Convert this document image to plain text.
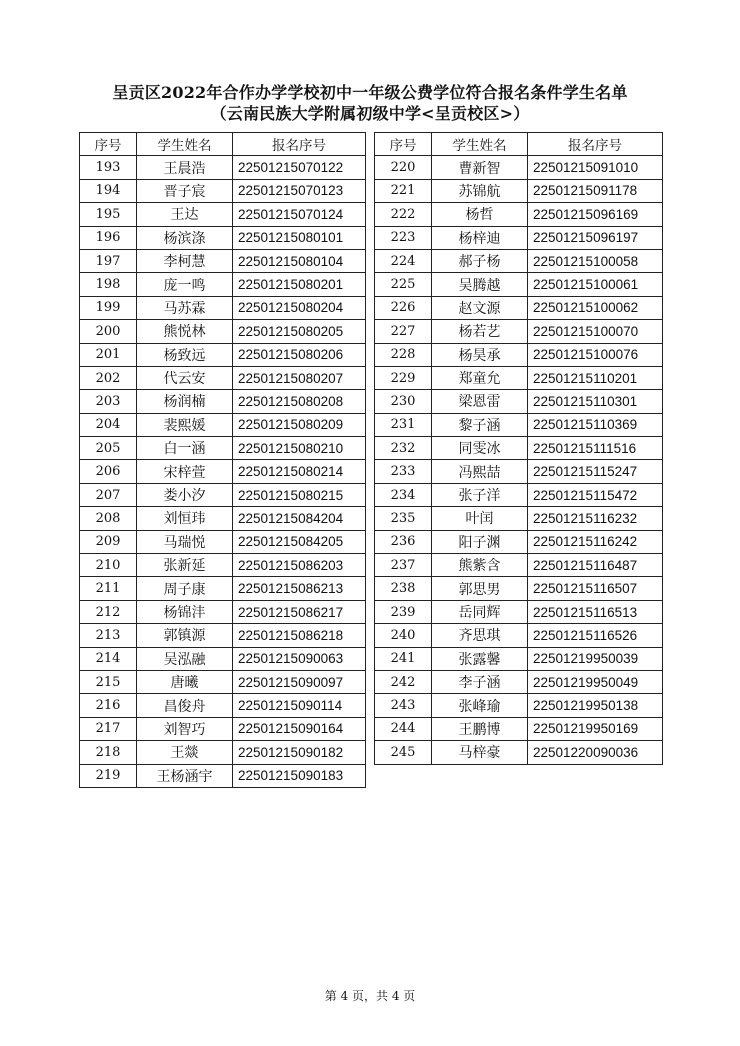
呈贡区2022年合作办学学校初中一年级公费学位符合报名条件学生名单
（云南民族大学附属初级中学<呈贡校区>）
序号	学生姓名	报名序号
193	王晨浩	22501215070122
194	晋子宸	22501215070123
195	王达	22501215070124
196	杨滨涤	22501215080101
197	李柯慧	22501215080104
198	庞一鸣	22501215080201
199	马苏霖	22501215080204
200	熊悦林	22501215080205
201	杨致远	22501215080206
202	代云安	22501215080207
203	杨润楠	22501215080208
204	裴熙媛	22501215080209
205	白一涵	22501215080210
206	宋梓萱	22501215080214
207	娄小汐	22501215080215
208	刘恒玮	22501215084204
209	马瑞悦	22501215084205
210	张新延	22501215086203
211	周子康	22501215086213
212	杨锦沣	22501215086217
213	郭镇源	22501215086218
214	吴泓融	22501215090063
215	唐曦	22501215090097
216	昌俊舟	22501215090114
217	刘智巧	22501215090164
218	王燚	22501215090182
219	王杨涵宇	22501215090183
序号	学生姓名	报名序号
220	曹新智	22501215091010
221	苏锦航	22501215091178
222	杨哲	22501215096169
223	杨梓迪	22501215096197
224	郝子杨	22501215100058
225	吴腾越	22501215100061
226	赵文源	22501215100062
227	杨若艺	22501215100070
228	杨昊承	22501215100076
229	郑童允	22501215110201
230	梁恩雷	22501215110301
231	黎子涵	22501215110369
232	同雯冰	22501215111516
233	冯熙喆	22501215115247
234	张子洋	22501215115472
235	叶闰	22501215116232
236	阳子渊	22501215116242
237	熊紫含	22501215116487
238	郭思男	22501215116507
239	岳同辉	22501215116513
240	齐思琪	22501215116526
241	张露馨	22501219950039
242	李子涵	22501219950049
243	张峰瑜	22501219950138
244	王鹏博	22501219950169
245	马梓豪	22501220090036
第 4 页，共 4 页
